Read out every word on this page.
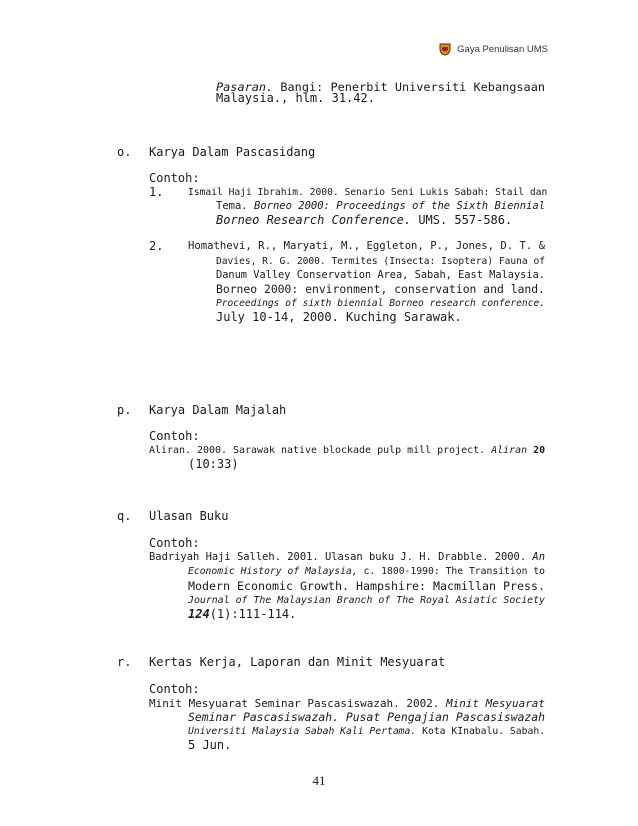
Gaya Penulisan UMS
Pasaran. Bangi: Penerbit Universiti Kebangsaan
Malaysia., hlm. 31.42.
o. Karya Dalam Pascasidang
Contoh:
1.	Ismail Haji Ibrahim. 2000. Senario Seni Lukis Sabah: Stail dan
Tema. Borneo 2000: Proceedings of the Sixth Biennial
Borneo Research Conference. UMS. 557-586.
2. Homathevi, R., Maryati, M., Eggleton, P., Jones, D. T. &
Davies, R. G. 2000. Termites (Insecta: Isoptera) Fauna of
Danum Valley Conservation Area, Sabah, East Malaysia.
Borneo 2000: environment, conservation and land.
Proceedings of sixth biennial Borneo research conference.
July 10-14, 2000. Kuching Sarawak.
p. Karya Dalam Majalah
Contoh:
Aliran. 2000. Sarawak native blockade pulp mill project. Aliran 20
(10:33)
q. Ulasan Buku
Contoh:
Badriyah Haji Salleh. 2001. Ulasan buku J. H. Drabble. 2000. An
Economic History of Malaysia, c. 1800-1990: The Transition to
Modern Economic Growth. Hampshire: Macmillan Press.
Journal of The Malaysian Branch of The Royal Asiatic Society
124(1):111-114.
r. Kertas Kerja, Laporan dan Minit Mesyuarat
Contoh:
Minit Mesyuarat Seminar Pascasiswazah. 2002. Minit Mesyuarat
Seminar Pascasiswazah. Pusat Pengajian Pascasiswazah
Universiti Malaysia Sabah Kali Pertama. Kota KInabalu. Sabah.
5 Jun.
41
